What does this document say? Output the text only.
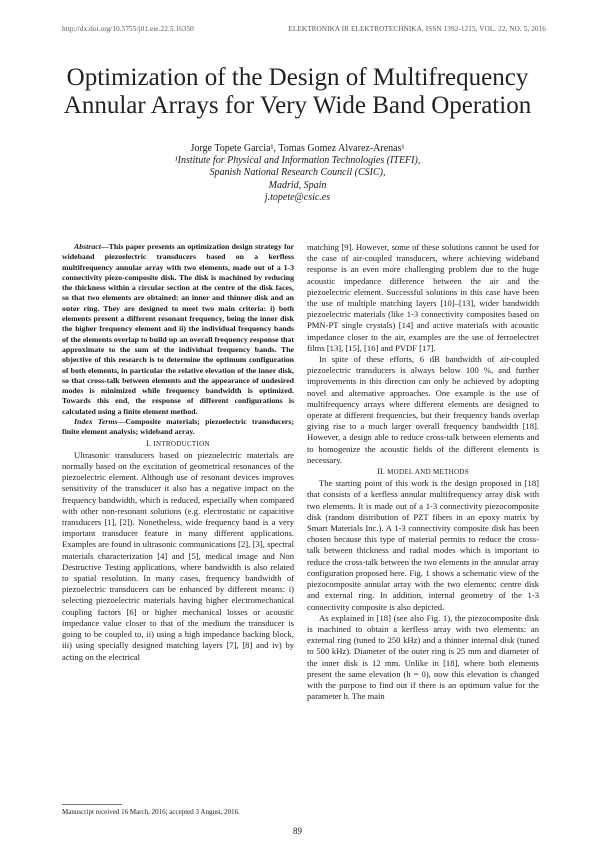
http://dx.doi.org/10.5755/j01.eie.22.5.16350	ELEKTRONIKA IR ELEKTROTECHNIKA, ISSN 1392-1215, VOL. 22, NO. 5, 2016
Optimization of the Design of Multifrequency Annular Arrays for Very Wide Band Operation
Jorge Topete Garcia¹, Tomas Gomez Alvarez-Arenas¹
¹Institute for Physical and Information Technologies (ITEFI),
Spanish National Research Council (CSIC),
Madrid, Spain
j.topete@csic.es

Abstract—This paper presents an optimization design strategy for wideband piezoelectric transducers based on a kerfless multifrequency annular array with two elements, made out of a 1-3 connectivity piezo-composite disk. The disk is machined by reducing the thickness within a circular section at the centre of the disk faces, so that two elements are obtained: an inner and thinner disk and an outer ring. They are designed to meet two main criteria: i) both elements present a different resonant frequency, being the inner disk the higher frequency element and ii) the individual frequency bands of the elements overlap to build up an overall frequency response that approximate to the sum of the individual frequency bands. The objective of this research is to determine the optimum configuration of both elements, in particular the relative elevation of the inner disk, so that cross-talk between elements and the appearance of undesired modes is minimized while frequency bandwidth is optimized. Towards this end, the response of different configurations is calculated using a finite element method.

Index Terms—Composite materials; piezoelectric transducers; finite element analysis; wideband array.

I. INTRODUCTION

Ultrasonic transducers based on piezoelectric materials are normally based on the excitation of geometrical resonances of the piezoelectric element. Although use of resonant devices improves sensitivity of the transducer it also has a negative impact on the frequency bandwidth, which is reduced, especially when compared with other non-resonant solutions (e.g. electrostatic or capacitive transducers [1], [2]). Nonetheless, wide frequency band is a very important transducer feature in many different applications. Examples are found in ultrasonic communications [2], [3], spectral materials characterization [4] and [5], medical image and Non Destructive Testing applications, where bandwidth is also related to spatial resolution. In many cases, frequency bandwidth of piezoelectric transducers can be enhanced by different means: i) selecting piezoelectric materials having higher electromechanical coupling factors [6] or higher mechanical losses or acoustic impedance value closer to that of the medium the transducer is going to be coupled to, ii) using a high impedance backing block, iii) using specially designed matching layers [7], [8] and iv) by acting on the electrical

matching [9]. However, some of these solutions cannot be used for the case of air-coupled transducers, where achieving wideband response is an even more challenging problem due to the huge acoustic impedance difference between the air and the piezoelectric element. Successful solutions in this case have been the use of multiple matching layers [10]–[13], wider bandwidth piezoelectric materials (like 1-3 connectivity composites based on PMN-PT single crystals) [14] and active materials with acoustic impedance closer to the air, examples are the use of ferroelectret films [13], [15], [16] and PVDF [17].

In spite of these efforts, 6 dB bandwidth of air-coupled piezoelectric transducers is always below 100 %, and further improvements in this direction can only be achieved by adopting novel and alternative approaches. One example is the use of multifrequency arrays where different elements are designed to operate at different frequencies, but their frequency bands overlap giving rise to a much larger overall frequency bandwidth [18]. However, a design able to reduce cross-talk between elements and to homogenize the acoustic fields of the different elements is necessary.

II. MODEL AND METHODS

The starting point of this work is the design proposed in [18] that consists of a kerfless annular multifrequency array disk with two elements. It is made out of a 1-3 connectivity piezocomposite disk (random distribution of PZT fibers in an epoxy matrix by Smart Materials Inc.). A 1-3 connectivity composite disk has been chosen because this type of material permits to reduce the cross-talk between thickness and radial modes which is important to reduce the cross-talk between the two elements in the annular array configuration proposed here. Fig. 1 shows a schematic view of the piezocomposite annular array with the two elements: centre disk and external ring. In addition, internal geometry of the 1-3 connectivity composite is also depicted.

As explained in [18] (see also Fig. 1), the piezocomposite disk is machined to obtain a kerfless array with two elements: an external ring (tuned to 250 kHz) and a thinner internal disk (tuned to 500 kHz). Diameter of the outer ring is 25 mm and diameter of the inner disk is 12 mm. Unlike in [18], where both elements present the same elevation (h = 0), now this elevation is changed with the purpose to find out if there is an optimum value for the parameter h. The main

Manuscript received 16 March, 2016; accepted 3 August, 2016.
89
